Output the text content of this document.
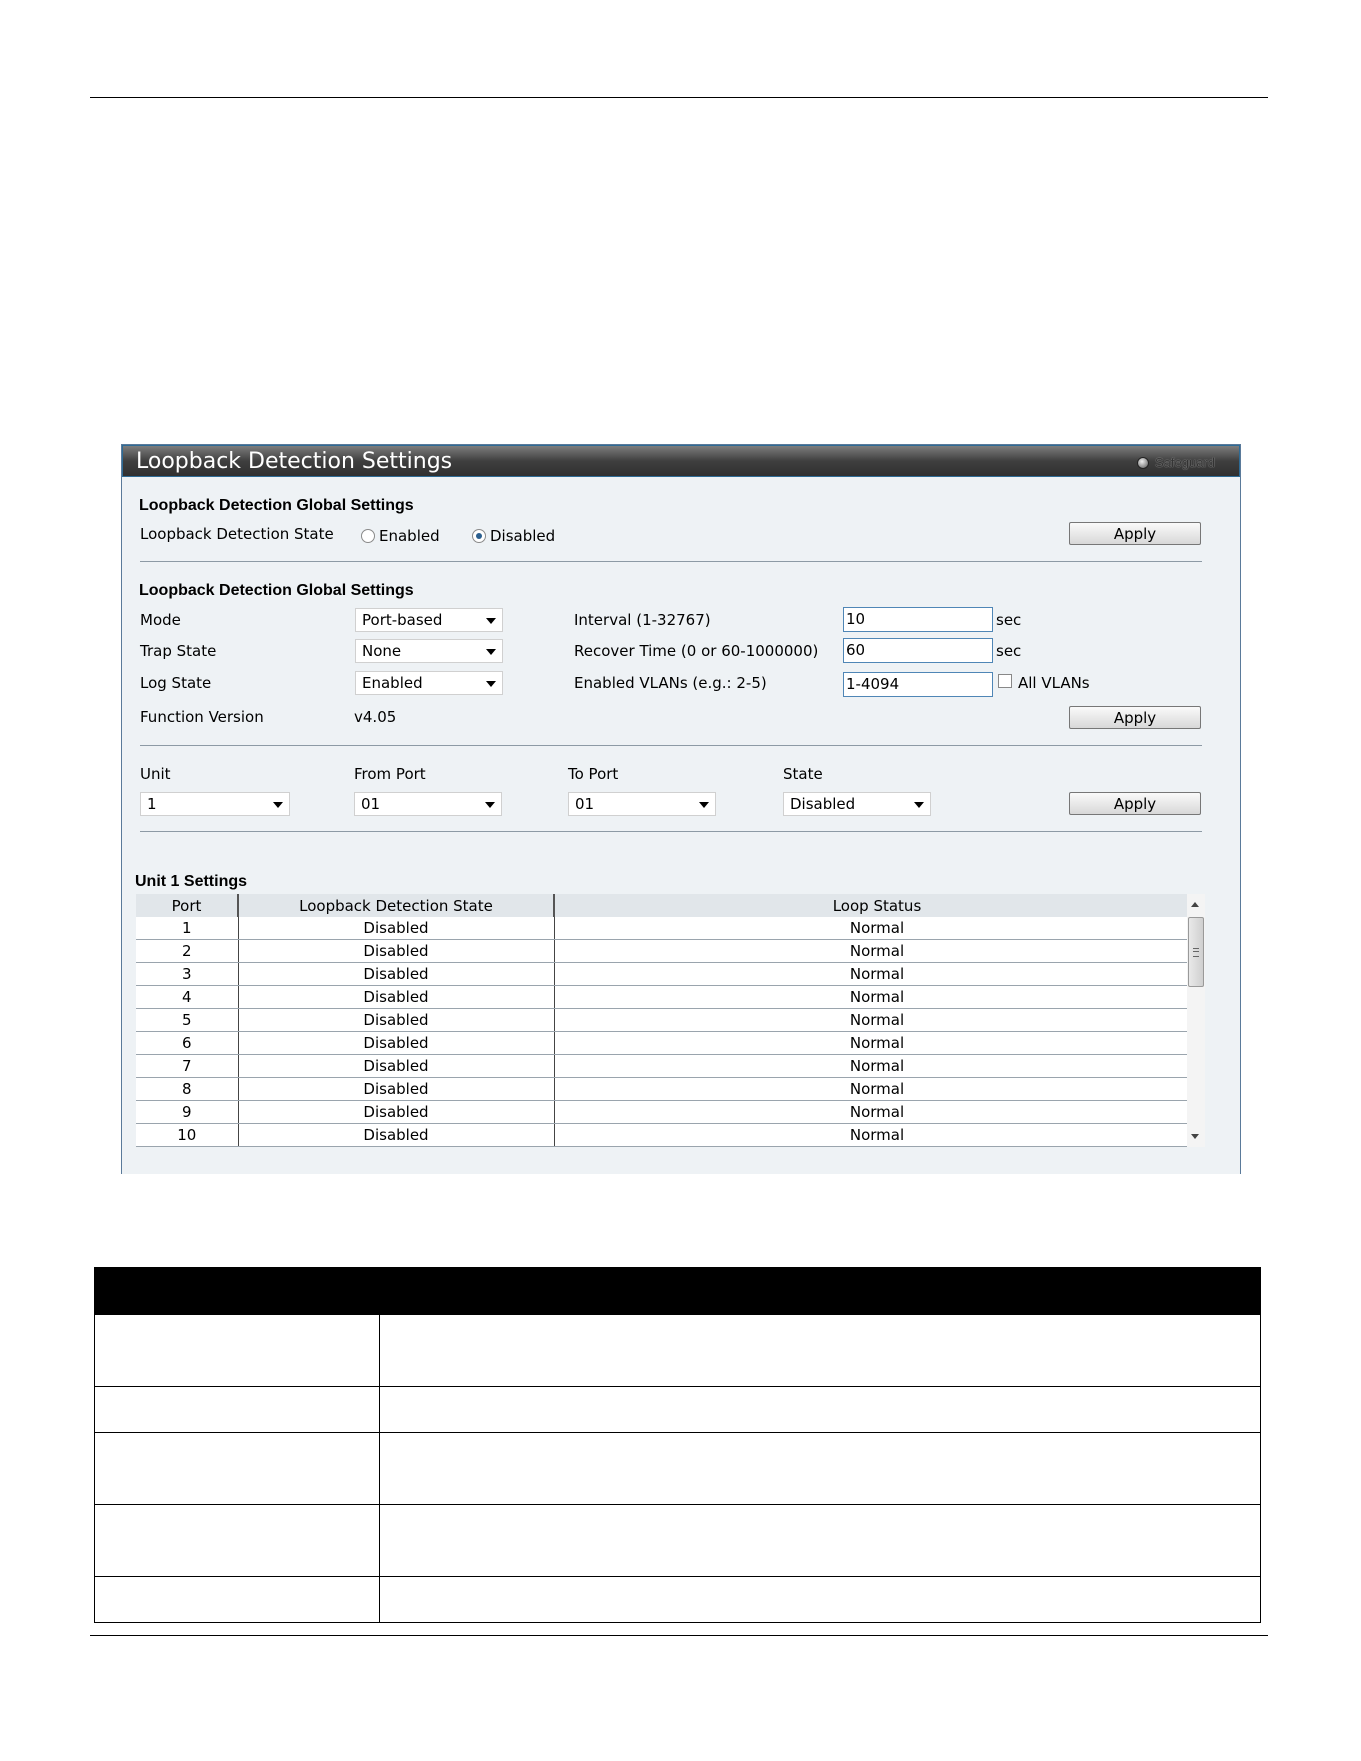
Loopback Detection Settings	Safeguard
Loopback Detection Global Settings
Loopback Detection State	Enabled	Disabled	Apply
Loopback Detection Global Settings
Mode	Port-based
Trap State	None
Log State	Enabled
Function Version	v4.05
Interval (1-32767)	10	sec
Recover Time (0 or 60-1000000) 60	sec
Enabled VLANs (e.g.: 2-5)	1-4094	All VLANs
Apply
Unit	From Port	To Port	State
1	01	01	Disabled	Apply
Unit 1 Settings
Port	Loopback Detection State	Loop Status
1	Disabled	Normal
2	Disabled	Normal
3	Disabled	Normal
4	Disabled	Normal
5	Disabled	Normal
6	Disabled	Normal
7	Disabled	Normal
8	Disabled	Normal
9	Disabled	Normal
10	Disabled	Normal
